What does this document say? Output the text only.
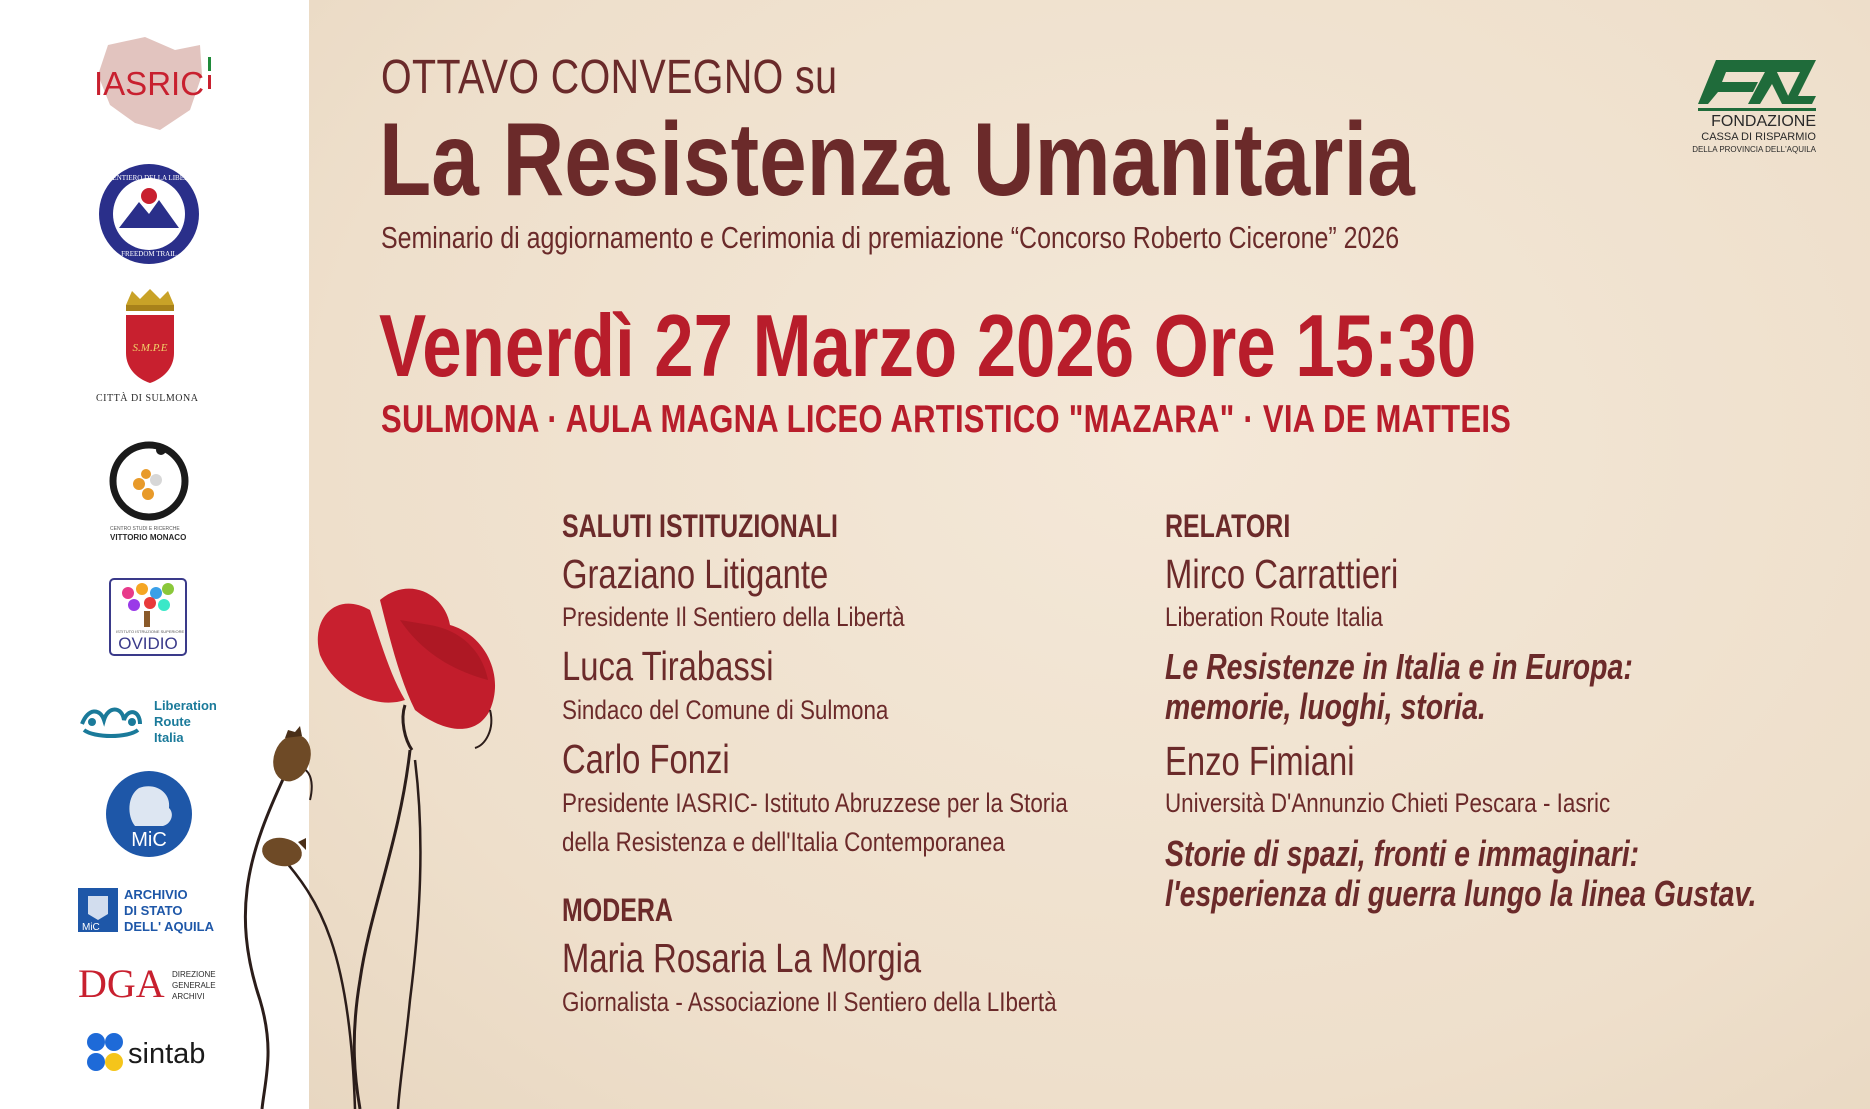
OTTAVO CONVEGNO su
La Resistenza Umanitaria
Seminario di aggiornamento e Cerimonia di premiazione “Concorso Roberto Cicerone” 2026
Venerdì 27 Marzo 2026 Ore 15:30
SULMONA · AULA MAGNA LICEO ARTISTICO "MAZARA" · VIA DE MATTEIS
SALUTI ISTITUZIONALI
Graziano Litigante
Presidente Il Sentiero della Libertà
Luca Tirabassi
Sindaco del Comune di Sulmona
Carlo Fonzi
Presidente IASRIC- Istituto Abruzzese per la Storia
della Resistenza e dell'Italia Contemporanea
MODERA
Maria Rosaria La Morgia
Giornalista - Associazione Il Sentiero della LIbertà
RELATORI
Mirco Carrattieri
Liberation Route Italia
Le Resistenze in Italia e in Europa:
memorie, luoghi, storia.
Enzo Fimiani
Università D'Annunzio Chieti Pescara - Iasric
Storie di spazi, fronti e immaginari:
l'esperienza di guerra lungo la linea Gustav.
FONDAZIONE
CASSA DI RISPARMIO
DELLA PROVINCIA DELL'AQUILA
IASRIC
IL SENTIERO DELLA LIBERTÀ
FREEDOM TRAIL
S.M.P.E
CITTÀ DI SULMONA
CENTRO STUDI E RICERCHE
VITTORIO MONACO
ISTITUTO ISTRUZIONE SUPERIORE
OVIDIO
Liberation
Route
Italia
MiC
MiC
ARCHIVIO
DI STATO
DELL' AQUILA
DGA DIREZIONE
GENERALE
ARCHIVI
sintab
